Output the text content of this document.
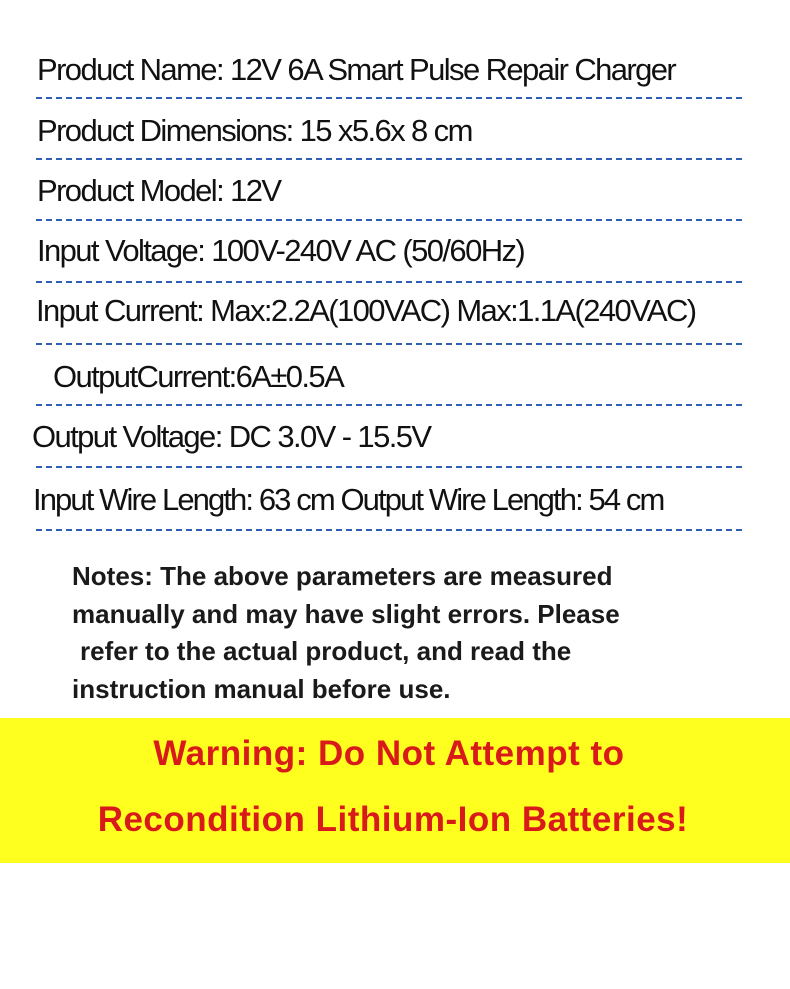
Product Name: 12V 6A Smart Pulse Repair Charger
Product Dimensions: 15 x5.6x 8 cm
Product Model: 12V
Input Voltage: 100V-240V AC (50/60Hz)
Input Current: Max:2.2A(100VAC) Max:1.1A(240VAC)
OutputCurrent:6A±0.5A
Output Voltage: DC 3.0V - 15.5V
Input Wire Length: 63 cm Output Wire Length: 54 cm
Notes: The above parameters are measured
manually and may have slight errors. Please
refer to the actual product, and read the
instruction manual before use.
Warning: Do Not Attempt to
Recondition Lithium-Ion Batteries!
